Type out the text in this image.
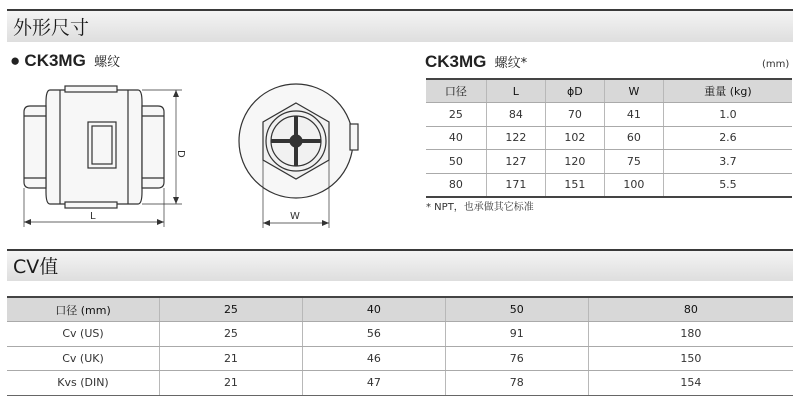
外形尺寸
● CK3MG 螺纹
L
D
W
CK3MG 螺纹*	(mm)
口径	L	ϕD	W	重量 (kg)
25	84	70	41	1.0
40	122	102	60	2.6
50	127	120	75	3.7
80	171	151	100	5.5
* NPT，也承做其它标准
CV值
口径 (mm)	25	40	50	80
Cv (US)	25	56	91	180
Cv (UK)	21	46	76	150
Kvs (DIN)	21	47	78	154
